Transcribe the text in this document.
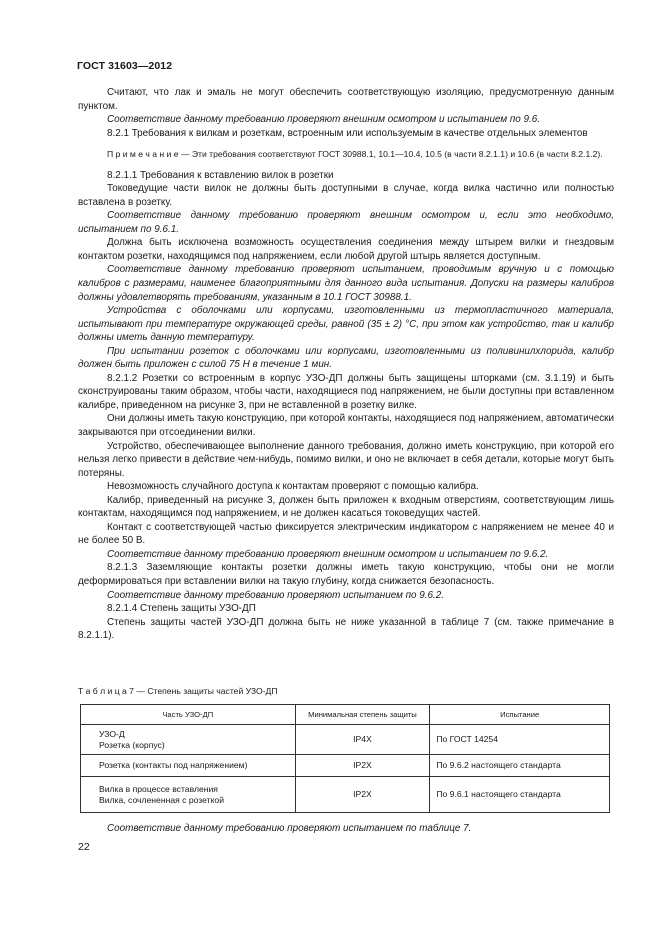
ГОСТ 31603—2012

Считают, что лак и эмаль не могут обеспечить соответствующую изоляцию, предусмотренную данным пунктом.

Соответствие данному требованию проверяют внешним осмотром и испытанием по 9.6.

8.2.1 Требования к вилкам и розеткам, встроенным или используемым в качестве отдельных элементов

П р и м е ч а н и е — Эти требования соответствуют ГОСТ 30988.1, 10.1—10.4, 10.5 (в части 8.2.1.1) и 10.6 (в части 8.2.1.2).

8.2.1.1 Требования к вставлению вилок в розетки

Токоведущие части вилок не должны быть доступными в случае, когда вилка частично или полностью вставлена в розетку.

Соответствие данному требованию проверяют внешним осмотром и, если это необходимо, испытанием по 9.6.1.

Должна быть исключена возможность осуществления соединения между штырем вилки и гнездовым контактом розетки, находящимся под напряжением, если любой другой штырь является доступным.

Соответствие данному требованию проверяют испытанием, проводимым вручную и с помощью калибров с размерами, наименее благоприятными для данного вида испытания. Допуски на размеры калибров должны удовлетворять требованиям, указанным в 10.1 ГОСТ 30988.1.

Устройства с оболочками или корпусами, изготовленными из термопластичного материала, испытывают при температуре окружающей среды, равной (35 ± 2) °С, при этом как устройство, так и калибр должны иметь данную температуру.

При испытании розеток с оболочками или корпусами, изготовленными из поливинилхлорида, калибр должен быть приложен с силой 75 Н в течение 1 мин.

8.2.1.2 Розетки со встроенным в корпус УЗО-ДП должны быть защищены шторками (см. 3.1.19) и быть сконструированы таким образом, чтобы части, находящиеся под напряжением, не были доступны при вставленном калибре, приведенном на рисунке 3, при не вставленной в розетку вилке.

Они должны иметь такую конструкцию, при которой контакты, находящиеся под напряжением, автоматически закрываются при отсоединении вилки.

Устройство, обеспечивающее выполнение данного требования, должно иметь конструкцию, при которой его нельзя легко привести в действие чем-нибудь, помимо вилки, и оно не включает в себя детали, которые могут быть потеряны.

Невозможность случайного доступа к контактам проверяют с помощью калибра.

Калибр, приведенный на рисунке 3, должен быть приложен к входным отверстиям, соответствующим лишь контактам, находящимся под напряжением, и не должен касаться токоведущих частей.

Контакт с соответствующей частью фиксируется электрическим индикатором с напряжением не менее 40 и не более 50 В.

Соответствие данному требованию проверяют внешним осмотром и испытанием по 9.6.2.

8.2.1.3 Заземляющие контакты розетки должны иметь такую конструкцию, чтобы они не могли деформироваться при вставлении вилки на такую глубину, когда снижается безопасность.

Соответствие данному требованию проверяют испытанием по 9.6.2.

8.2.1.4 Степень защиты УЗО-ДП

Степень защиты частей УЗО-ДП должна быть не ниже указанной в таблице 7 (см. также примечание в 8.2.1.1).

Т а б л и ц а 7 — Степень защиты частей УЗО-ДП
Часть УЗО-ДП	Минимальная степень защиты	Испытание

УЗО-Д
Розетка (корпус)	IP4X	По ГОСТ 14254

Розетка (контакты под напряжением)	IP2X	По 9.6.2 настоящего стандарта

Вилка в процессе вставления
Вилка, сочлененная с розеткой	IP2X	По 9.6.1 настоящего стандарта
Соответствие данному требованию проверяют испытанием по таблице 7.
22
